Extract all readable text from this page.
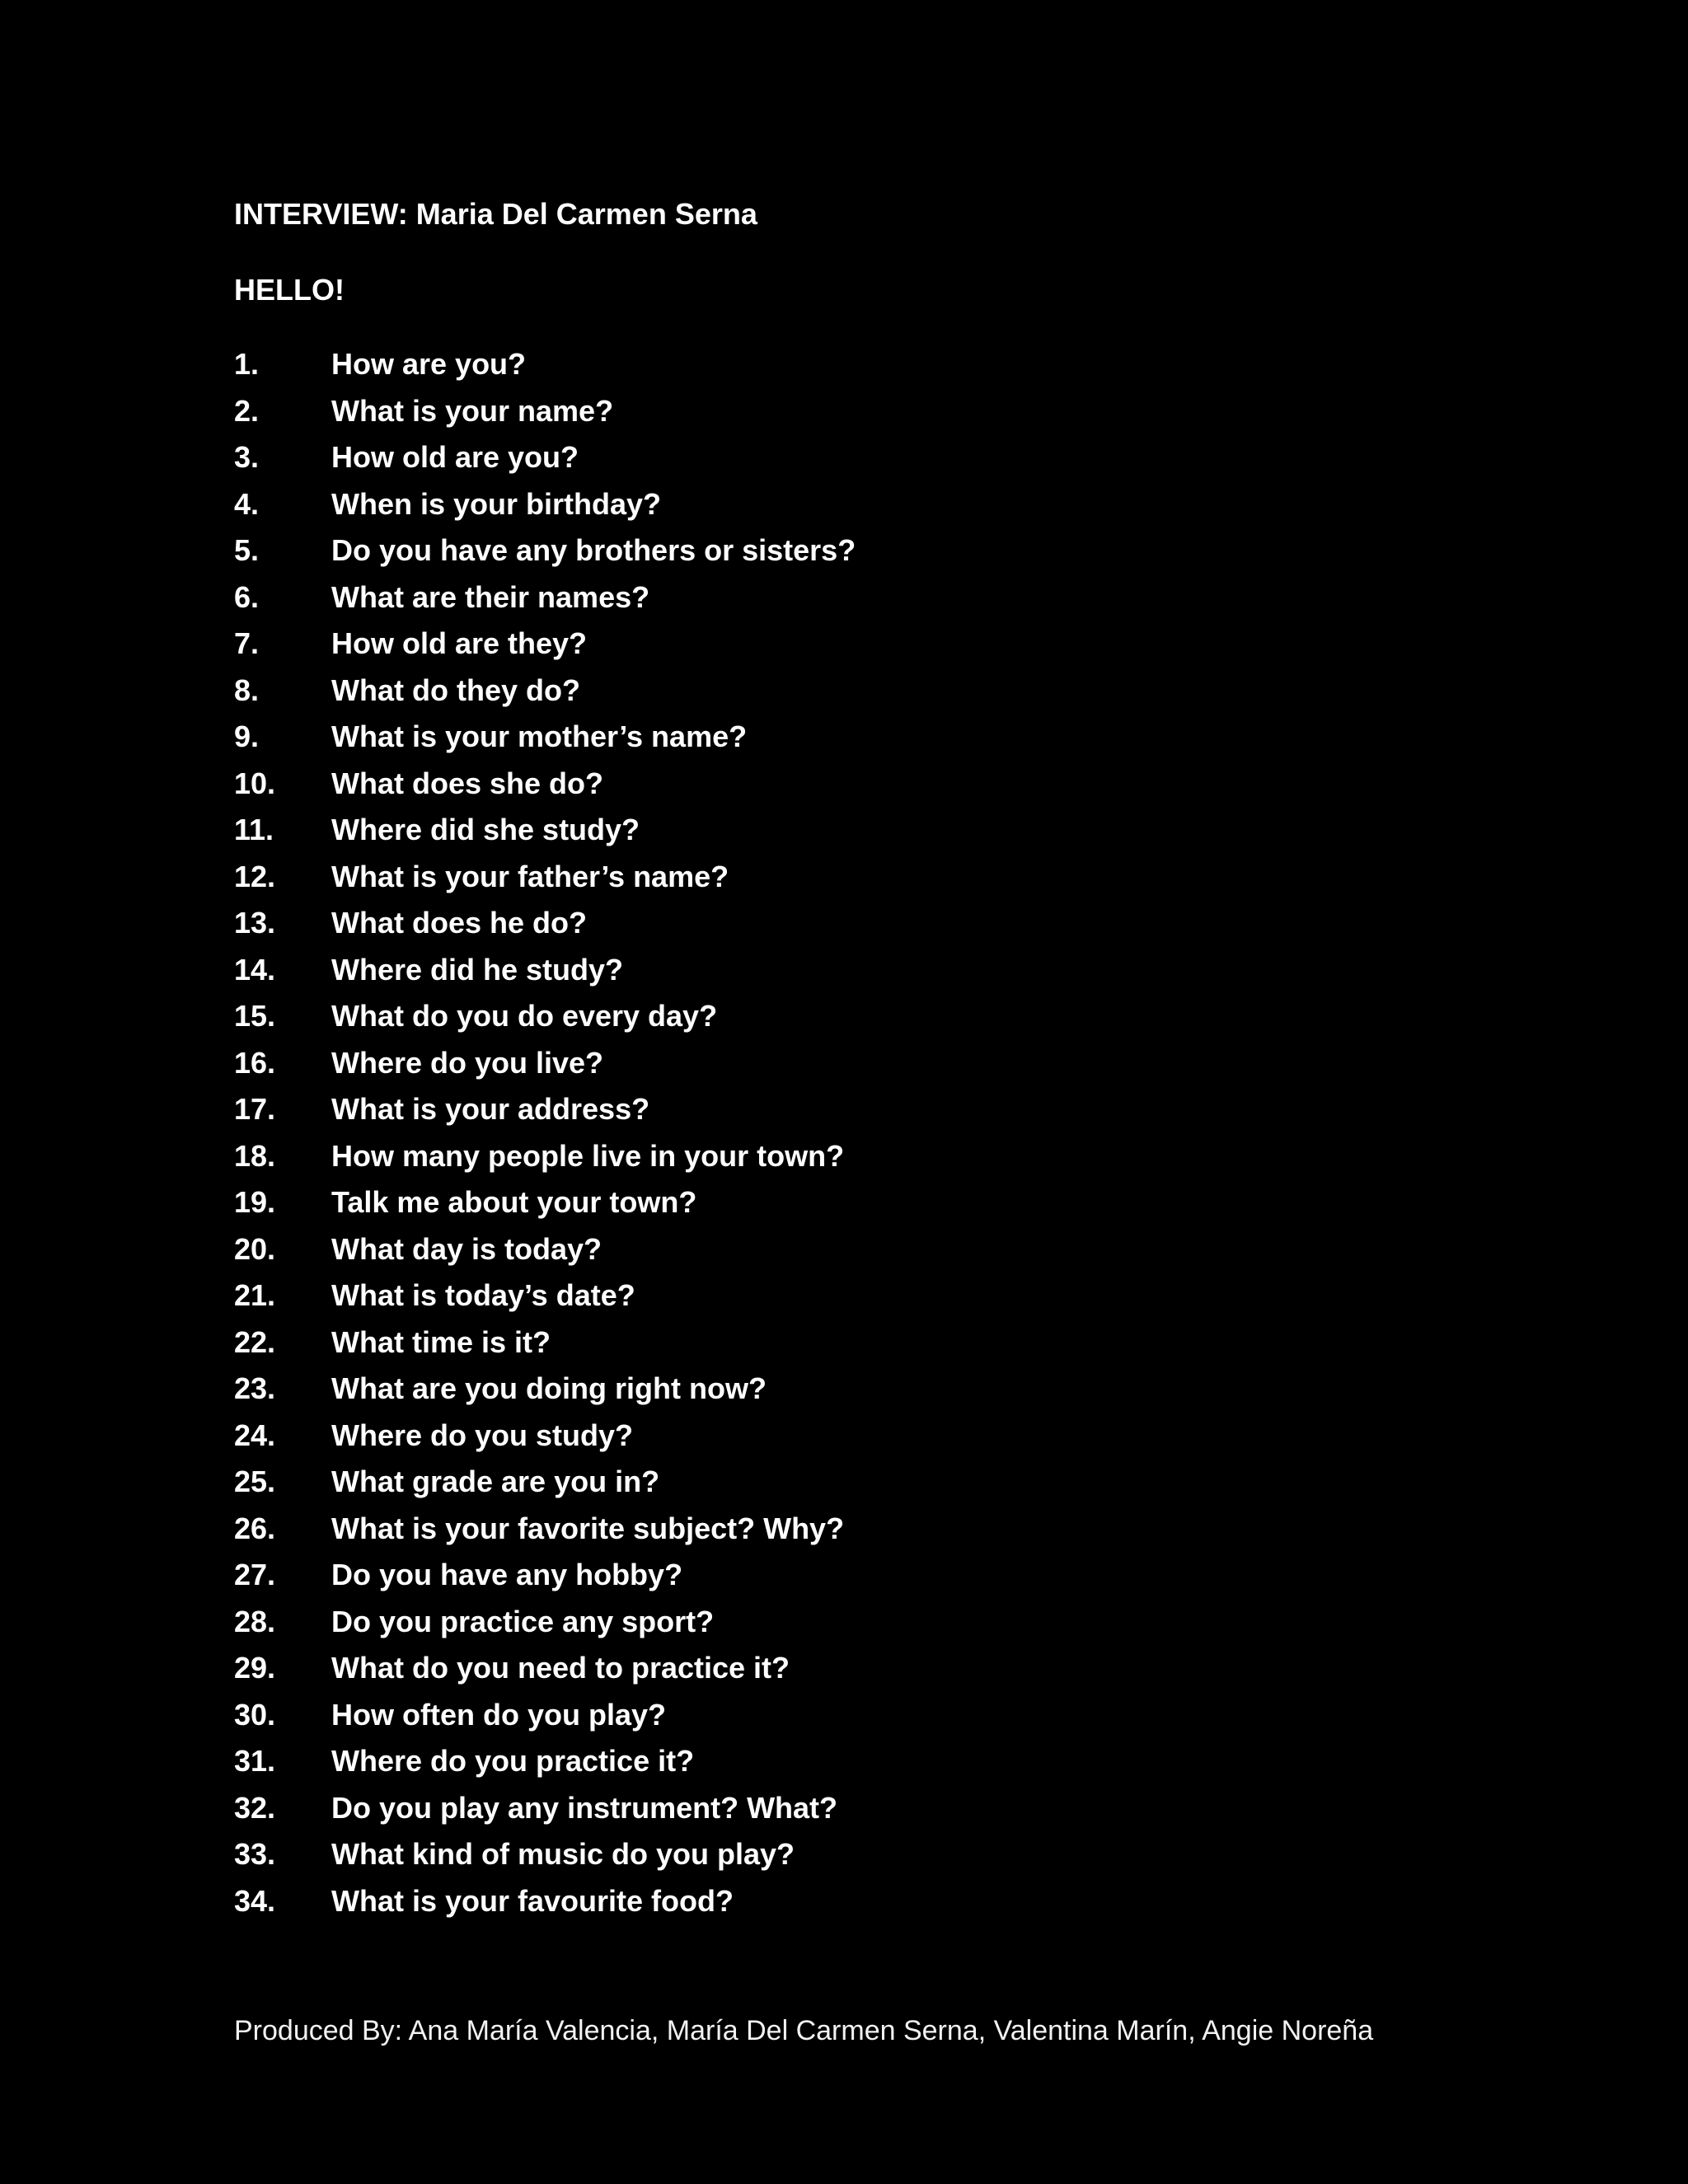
INTERVIEW: Maria Del Carmen Serna
HELLO!
1.	How are you?
2.	What is your name?
3.	How old are you?
4.	When is your birthday?
5.	Do you have any brothers or sisters?
6.	What are their names?
7.	How old are they?
8.	What do they do?
9.	What is your mother’s name?
10.	What does she do?
11.	Where did she study?
12.	What is your father’s name?
13.	What does he do?
14.	Where did he study?
15.	What do you do every day?
16.	Where do you live?
17.	What is your address?
18.	How many people live in your town?
19.	Talk me about your town?
20.	What day is today?
21.	What is today’s date?
22.	What time is it?
23.	What are you doing right now?
24.	Where do you study?
25.	What grade are you in?
26.	What is your favorite subject? Why?
27.	Do you have any hobby?
28.	Do you practice any sport?
29.	What do you need to practice it?
30.	How often do you play?
31.	Where do you practice it?
32.	Do you play any instrument? What?
33.	What kind of music do you play?
34.	What is your favourite food?
Produced By: Ana María Valencia, María Del Carmen Serna, Valentina Marín, Angie Noreña
